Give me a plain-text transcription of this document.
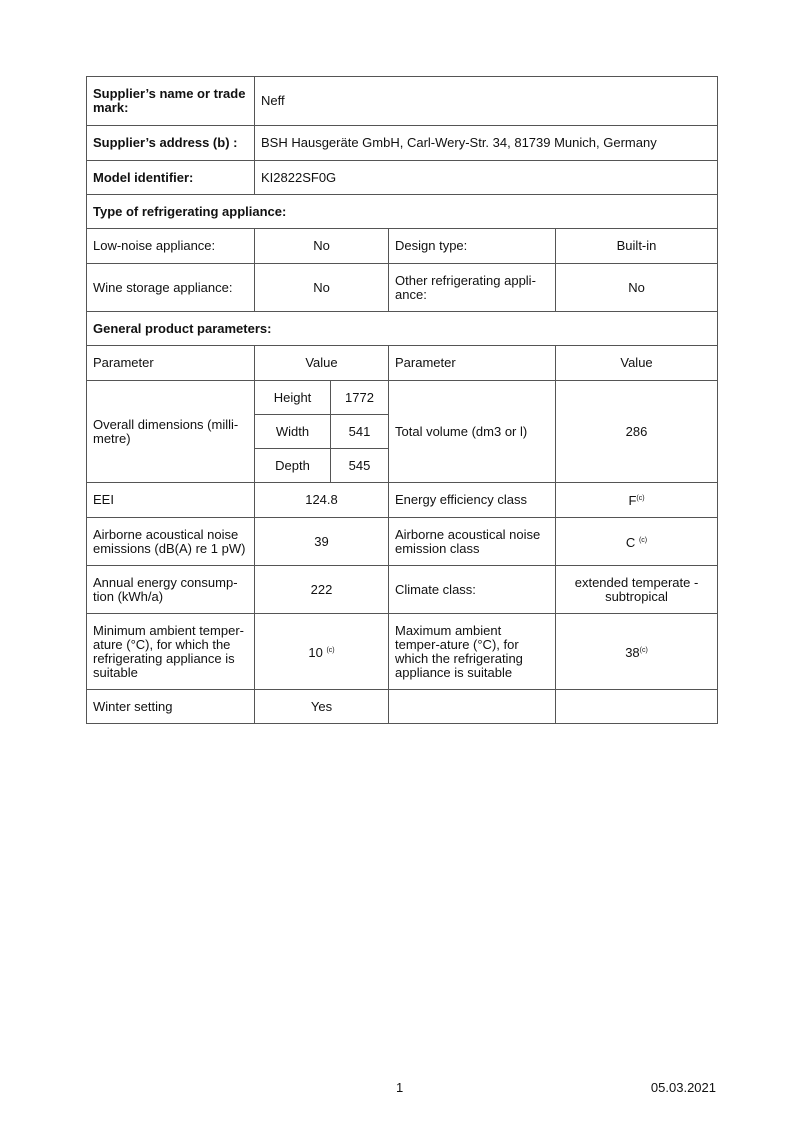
Supplier’s name or trade mark:	Neff			
Supplier’s address (b) :	BSH Hausgeräte GmbH, Carl-Wery-Str. 34, 81739 Munich, Germany			
Model identifier:	KI2822SF0G			
Type of refrigerating appliance:				
Low-noise appliance:	No		Design type:	Built-in
Wine storage appliance:	No		Other refrigerating appli-ance:	No
General product parameters:				
Parameter	Value		Parameter	Value
Overall dimensions (milli-metre)	Height	1772	Total volume (dm3 or l)	286
	Width	541		
	Depth	545		
EEI	124.8		Energy efficiency class	$F^{(c)}$
Airborne acoustical noise emissions (dB(A) re 1 pW)	39		Airborne acoustical noise emission class	C $^{(c)}$
Annual energy consump-tion (kWh/a)	222		Climate class:	extended temperate - subtropical
Minimum ambient temper-ature (°C), for which the refrigerating appliance is suitable	10 $^{(c)}$		Maximum ambient temper-ature (°C), for which the refrigerating appliance is suitable	38$^{(c)}$
Winter setting	Yes			
1	05.03.2021
